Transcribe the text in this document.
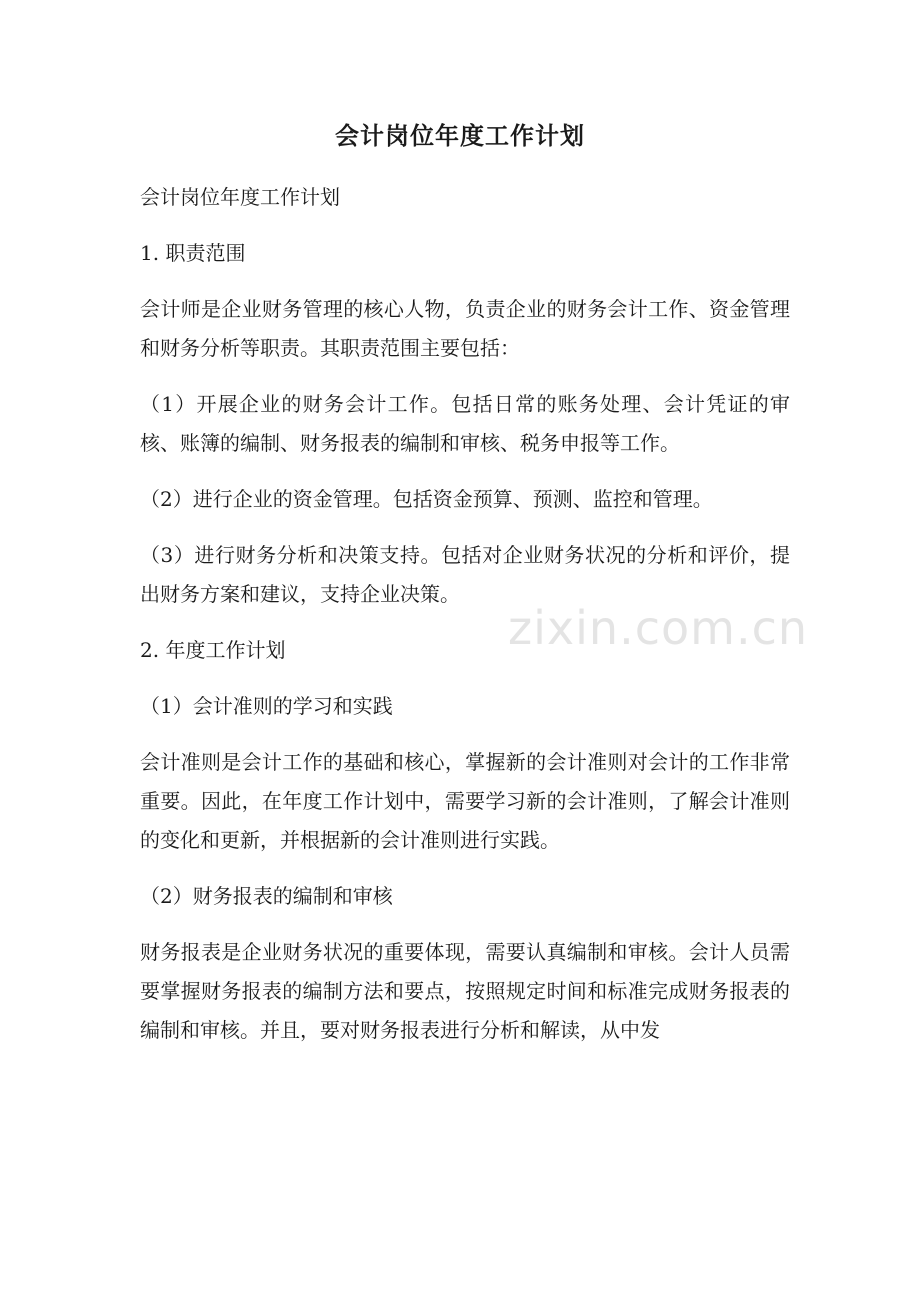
会计岗位年度工作计划

会计岗位年度工作计划

1. 职责范围

会计师是企业财务管理的核心人物，负责企业的财务会计工作、资金管理和财务分析等职责。其职责范围主要包括：

（1）开展企业的财务会计工作。包括日常的账务处理、会计凭证的审核、账簿的编制、财务报表的编制和审核、税务申报等工作。

（2）进行企业的资金管理。包括资金预算、预测、监控和管理。

（3）进行财务分析和决策支持。包括对企业财务状况的分析和评价，提出财务方案和建议，支持企业决策。

2. 年度工作计划

（1）会计准则的学习和实践

会计准则是会计工作的基础和核心，掌握新的会计准则对会计的工作非常重要。因此，在年度工作计划中，需要学习新的会计准则，了解会计准则的变化和更新，并根据新的会计准则进行实践。

（2）财务报表的编制和审核

财务报表是企业财务状况的重要体现，需要认真编制和审核。会计人员需要掌握财务报表的编制方法和要点，按照规定时间和标准完成财务报表的编制和审核。并且，要对财务报表进行分析和解读，从中发

zixin.com.cn
